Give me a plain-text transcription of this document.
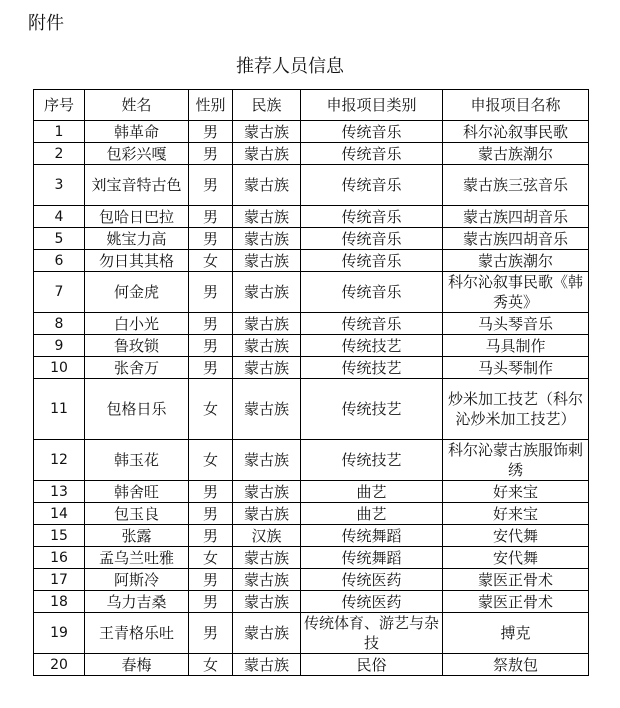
附件
推荐人员信息
序号	姓名	性别	民族	申报项目类别	申报项目名称
1	韩革命	男	蒙古族	传统音乐	科尔沁叙事民歌
2	包彩兴嘎	男	蒙古族	传统音乐	蒙古族潮尔
3	刘宝音特古色	男	蒙古族	传统音乐	蒙古族三弦音乐
4	包哈日巴拉	男	蒙古族	传统音乐	蒙古族四胡音乐
5	姚宝力高	男	蒙古族	传统音乐	蒙古族四胡音乐
6	勿日其其格	女	蒙古族	传统音乐	蒙古族潮尔
7	何金虎	男	蒙古族	传统音乐	科尔沁叙事民歌《韩秀英》
8	白小光	男	蒙古族	传统音乐	马头琴音乐
9	鲁玫锁	男	蒙古族	传统技艺	马具制作
10	张舍万	男	蒙古族	传统技艺	马头琴制作
11	包格日乐	女	蒙古族	传统技艺	炒米加工技艺（科尔沁炒米加工技艺）
12	韩玉花	女	蒙古族	传统技艺	科尔沁蒙古族服饰刺绣
13	韩舍旺	男	蒙古族	曲艺	好来宝
14	包玉良	男	蒙古族	曲艺	好来宝
15	张露	男	汉族	传统舞蹈	安代舞
16	孟乌兰吐雅	女	蒙古族	传统舞蹈	安代舞
17	阿斯冷	男	蒙古族	传统医药	蒙医正骨术
18	乌力吉桑	男	蒙古族	传统医药	蒙医正骨术
19	王青格乐吐	男	蒙古族	传统体育、游艺与杂技	搏克
20	春梅	女	蒙古族	民俗	祭敖包
